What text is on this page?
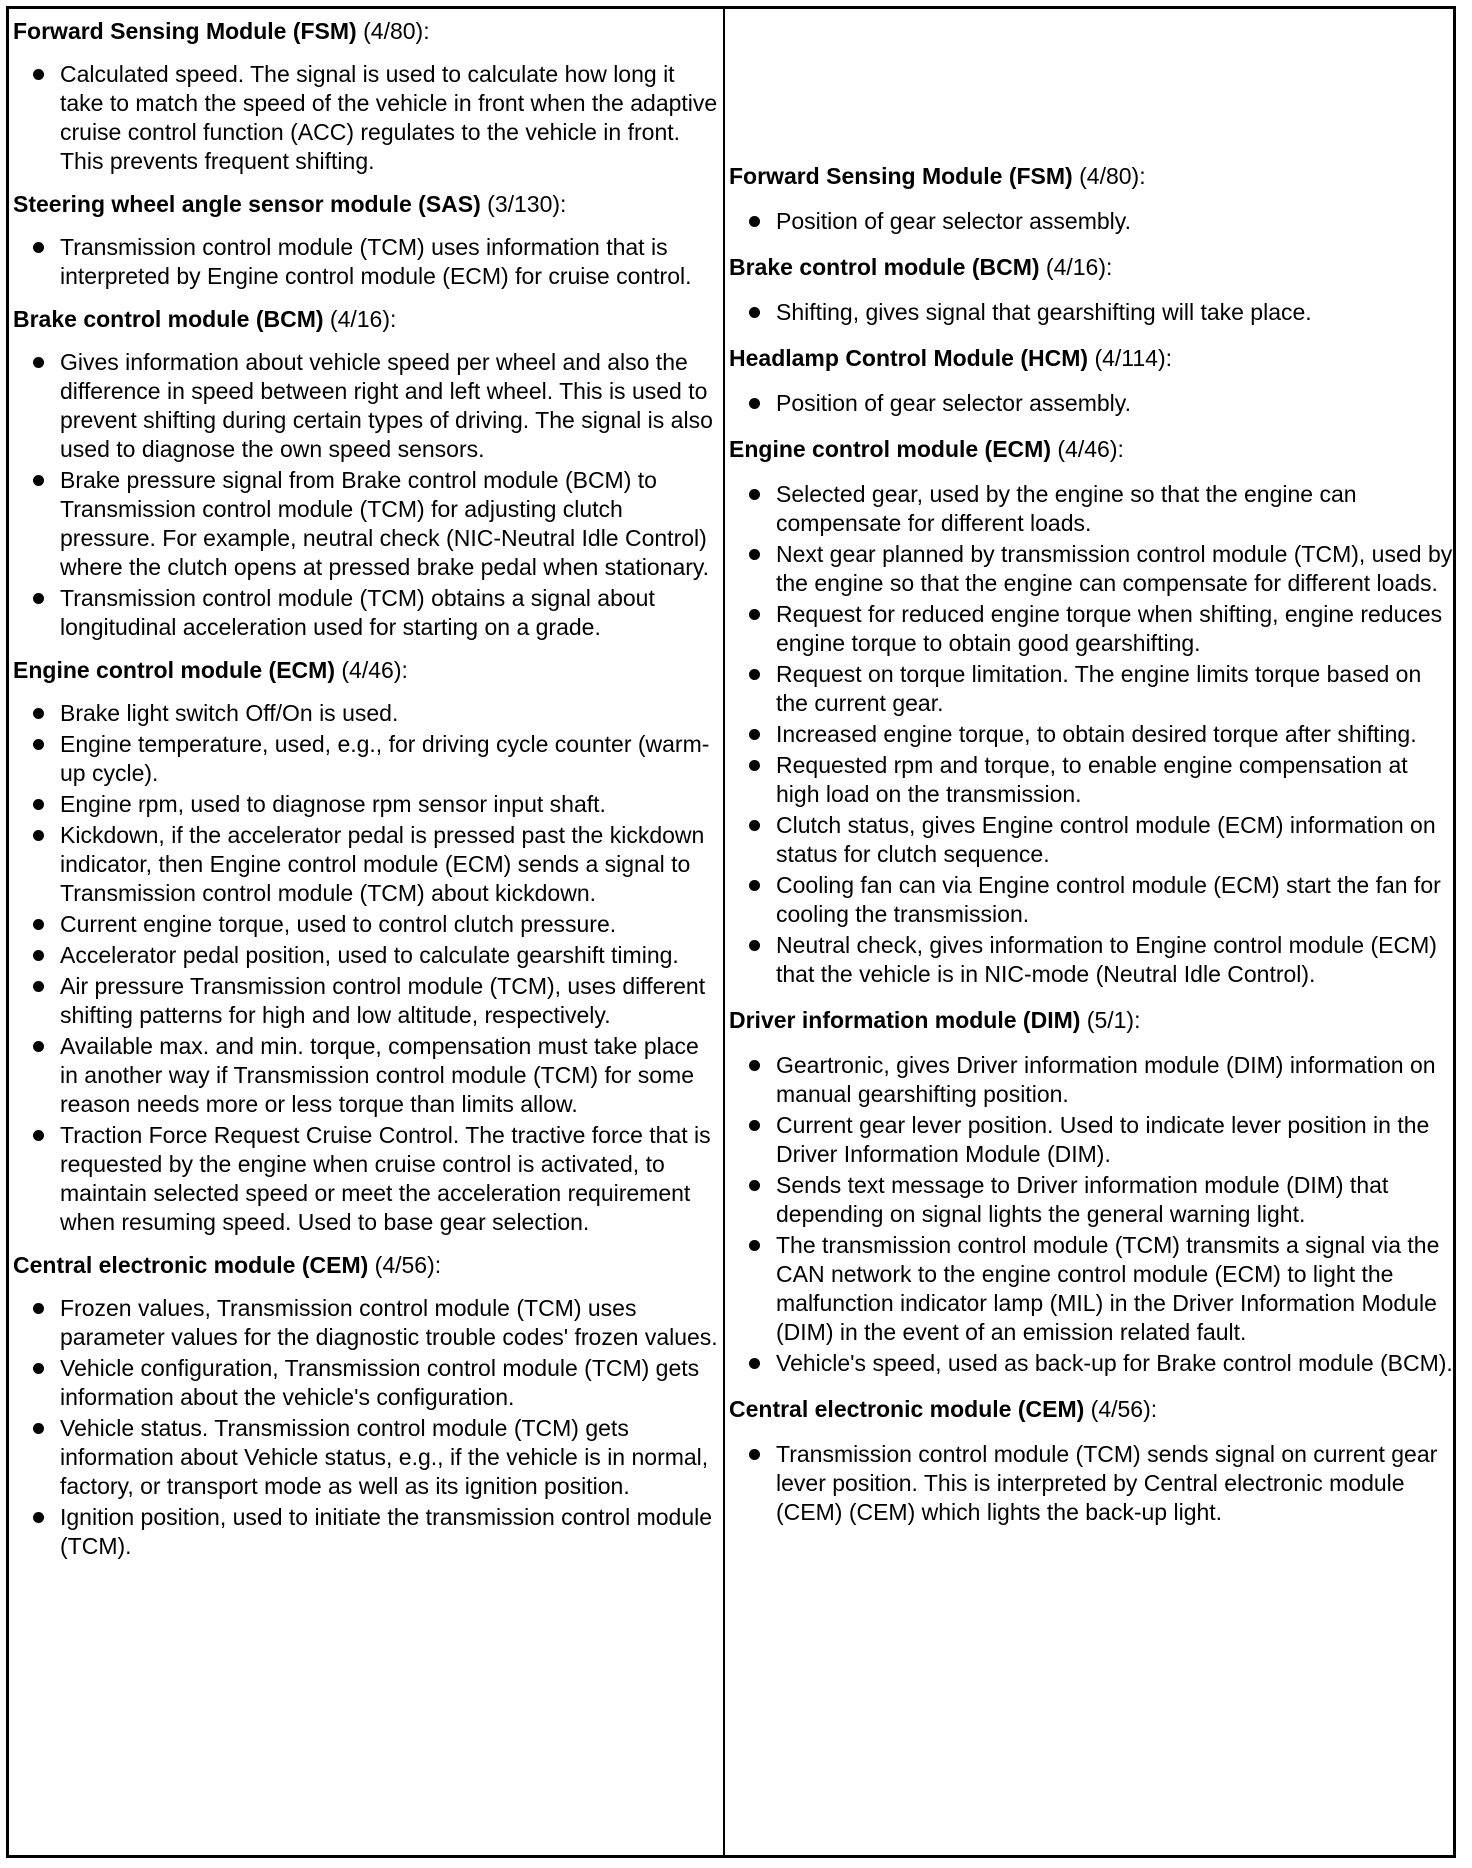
Forward Sensing Module (FSM) (4/80):

Calculated speed. The signal is used to calculate how long it take to match the speed of the vehicle in front when the adaptive cruise control function (ACC) regulates to the vehicle in front. This prevents frequent shifting.

Steering wheel angle sensor module (SAS) (3/130):

Transmission control module (TCM) uses information that is interpreted by Engine control module (ECM) for cruise control.

Brake control module (BCM) (4/16):

Gives information about vehicle speed per wheel and also the difference in speed between right and left wheel. This is used to prevent shifting during certain types of driving. The signal is also used to diagnose the own speed sensors.
Brake pressure signal from Brake control module (BCM) to Transmission control module (TCM) for adjusting clutch pressure. For example, neutral check (NIC-Neutral Idle Control) where the clutch opens at pressed brake pedal when stationary.
Transmission control module (TCM) obtains a signal about longitudinal acceleration used for starting on a grade.

Engine control module (ECM) (4/46):

Brake light switch Off/On is used.
Engine temperature, used, e.g., for driving cycle counter (warm-up cycle).
Engine rpm, used to diagnose rpm sensor input shaft.
Kickdown, if the accelerator pedal is pressed past the kickdown indicator, then Engine control module (ECM) sends a signal to Transmission control module (TCM) about kickdown.
Current engine torque, used to control clutch pressure.
Accelerator pedal position, used to calculate gearshift timing.
Air pressure Transmission control module (TCM), uses different shifting patterns for high and low altitude, respectively.
Available max. and min. torque, compensation must take place in another way if Transmission control module (TCM) for some reason needs more or less torque than limits allow.
Traction Force Request Cruise Control. The tractive force that is requested by the engine when cruise control is activated, to maintain selected speed or meet the acceleration requirement when resuming speed. Used to base gear selection.

Central electronic module (CEM) (4/56):

Frozen values, Transmission control module (TCM) uses parameter values for the diagnostic trouble codes' frozen values.
Vehicle configuration, Transmission control module (TCM) gets information about the vehicle's configuration.
Vehicle status. Transmission control module (TCM) gets information about Vehicle status, e.g., if the vehicle is in normal, factory, or transport mode as well as its ignition position.
Ignition position, used to initiate the transmission control module (TCM).

Forward Sensing Module (FSM) (4/80):

Position of gear selector assembly.

Brake control module (BCM) (4/16):

Shifting, gives signal that gearshifting will take place.

Headlamp Control Module (HCM) (4/114):

Position of gear selector assembly.

Engine control module (ECM) (4/46):

Selected gear, used by the engine so that the engine can compensate for different loads.
Next gear planned by transmission control module (TCM), used by the engine so that the engine can compensate for different loads.
Request for reduced engine torque when shifting, engine reduces engine torque to obtain good gearshifting.
Request on torque limitation. The engine limits torque based on the current gear.
Increased engine torque, to obtain desired torque after shifting.
Requested rpm and torque, to enable engine compensation at high load on the transmission.
Clutch status, gives Engine control module (ECM) information on status for clutch sequence.
Cooling fan can via Engine control module (ECM) start the fan for cooling the transmission.
Neutral check, gives information to Engine control module (ECM) that the vehicle is in NIC-mode (Neutral Idle Control).

Driver information module (DIM) (5/1):

Geartronic, gives Driver information module (DIM) information on manual gearshifting position.
Current gear lever position. Used to indicate lever position in the Driver Information Module (DIM).
Sends text message to Driver information module (DIM) that depending on signal lights the general warning light.
The transmission control module (TCM) transmits a signal via the CAN network to the engine control module (ECM) to light the malfunction indicator lamp (MIL) in the Driver Information Module (DIM) in the event of an emission related fault.
Vehicle's speed, used as back-up for Brake control module (BCM).

Central electronic module (CEM) (4/56):

Transmission control module (TCM) sends signal on current gear lever position. This is interpreted by Central electronic module (CEM) (CEM) which lights the back-up light.
